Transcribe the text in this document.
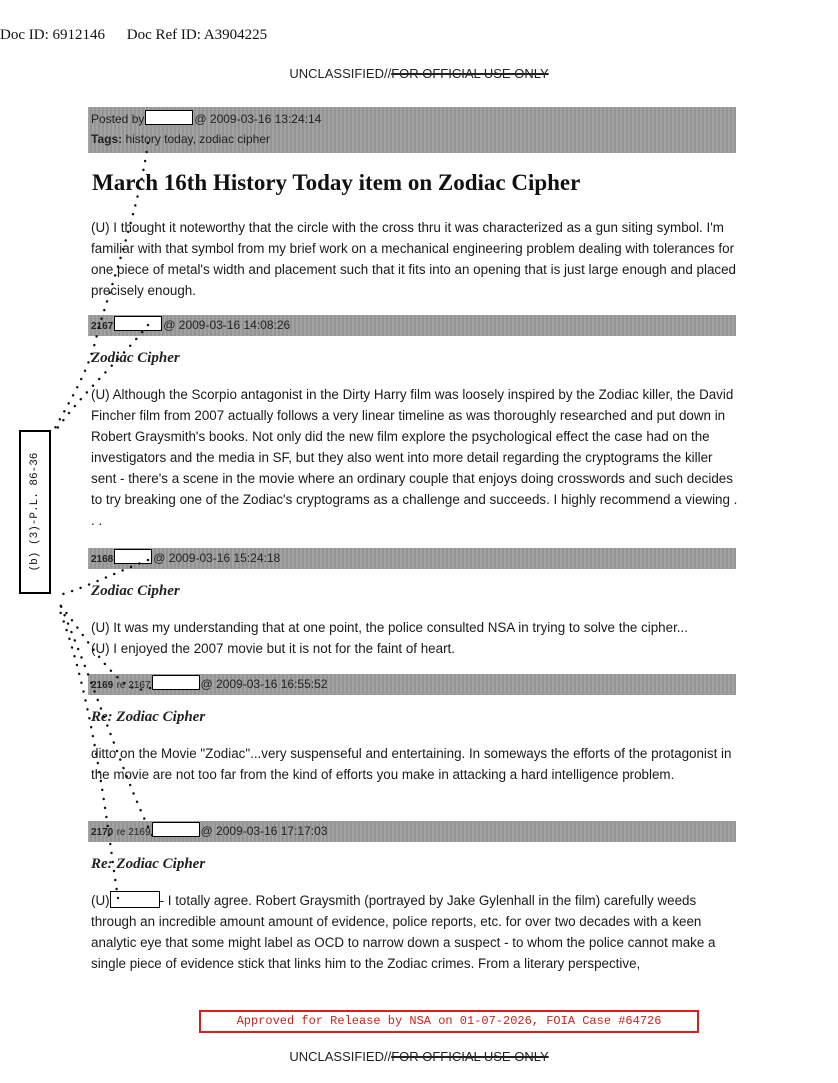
Doc ID: 6912146 Doc Ref ID: A3904225
UNCLASSIFIED//FOR OFFICIAL USE ONLY
Posted by	@ 2009-03-16 13:24:14
Tags: history today, zodiac cipher
March 16th History Today item on Zodiac Cipher
(U) I thought it noteworthy that the circle with the cross thru it was characterized as a gun siting symbol. I'm familiar with that symbol from my brief work on a mechanical engineering problem dealing with tolerances for one piece of metal's width and placement such that it fits into an opening that is just large enough and placed precisely enough.
2167	@ 2009-03-16 14:08:26
Zodiac Cipher
(U) Although the Scorpio antagonist in the Dirty Harry film was loosely inspired by the Zodiac killer, the David Fincher film from 2007 actually follows a very linear timeline as was thoroughly researched and put down in Robert Graysmith's books. Not only did the new film explore the psychological effect the case had on the investigators and the media in SF, but they also went into more detail regarding the cryptograms the killer sent - there's a scene in the movie where an ordinary couple that enjoys doing crosswords and such decides to try breaking one of the Zodiac's cryptograms as a challenge and succeeds. I highly recommend a viewing . . .
2168	@ 2009-03-16 15:24:18
Zodiac Cipher
(U) It was my understanding that at one point, the police consulted NSA in trying to solve the cipher...
(U) I enjoyed the 2007 movie but it is not for the faint of heart.
2169 re 2167	@ 2009-03-16 16:55:52
Re: Zodiac Cipher
ditto on the Movie "Zodiac"...very suspenseful and entertaining. In someways the efforts of the protagonist in the movie are not too far from the kind of efforts you make in attacking a hard intelligence problem.
2170 re 2169	@ 2009-03-16 17:17:03
Re: Zodiac Cipher
(U)	- I totally agree. Robert Graysmith (portrayed by Jake Gylenhall in the film) carefully weeds through an incredible amount amount of evidence, police reports, etc. for over two decades with a keen analytic eye that some might label as OCD to narrow down a suspect - to whom the police cannot make a single piece of evidence stick that links him to the Zodiac crimes. From a literary perspective,
(b) (3)-P.L. 86-36
Approved for Release by NSA on 01-07-2026, FOIA Case #64726
UNCLASSIFIED//FOR OFFICIAL USE ONLY
